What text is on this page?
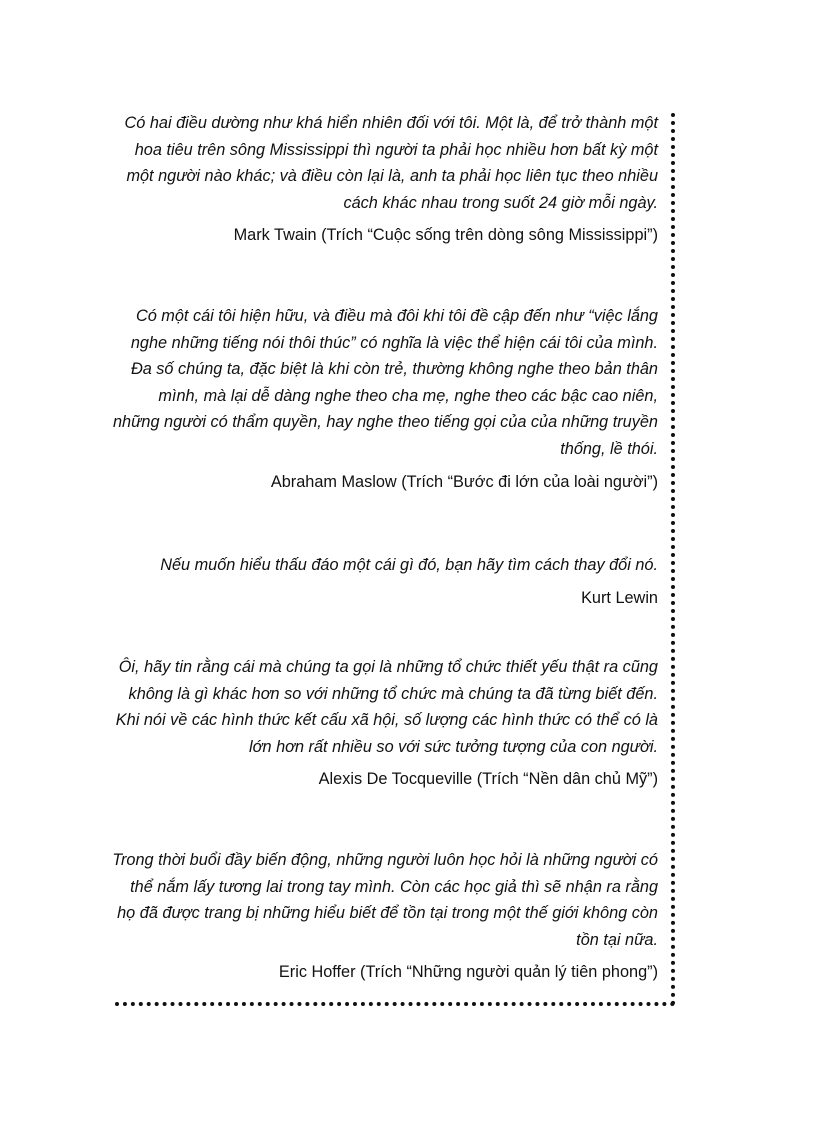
Có hai điều dường như khá hiển nhiên đối với tôi. Một là, để trở thành một
hoa tiêu trên sông Mississippi thì người ta phải học nhiều hơn bất kỳ một
một người nào khác; và điều còn lại là, anh ta phải học liên tục theo nhiều
cách khác nhau trong suốt 24 giờ mỗi ngày.

Mark Twain (Trích “Cuộc sống trên dòng sông Mississippi”)

Có một cái tôi hiện hữu, và điều mà đôi khi tôi đề cập đến như “việc lắng
nghe những tiếng nói thôi thúc” có nghĩa là việc thể hiện cái tôi của mình.
Đa số chúng ta, đặc biệt là khi còn trẻ, thường không nghe theo bản thân
mình, mà lại dễ dàng nghe theo cha mẹ, nghe theo các bậc cao niên,
những người có thẩm quyền, hay nghe theo tiếng gọi của của những truyền
thống, lề thói.

Abraham Maslow (Trích “Bước đi lớn của loài người”)

Nếu muốn hiểu thấu đáo một cái gì đó, bạn hãy tìm cách thay đổi nó.

Kurt Lewin

Ôi, hãy tin rằng cái mà chúng ta gọi là những tổ chức thiết yếu thật ra cũng
không là gì khác hơn so với những tổ chức mà chúng ta đã từng biết đến.
Khi nói về các hình thức kết cấu xã hội, số lượng các hình thức có thể có là
lớn hơn rất nhiều so với sức tưởng tượng của con người.

Alexis De Tocqueville (Trích “Nền dân chủ Mỹ”)

Trong thời buổi đầy biến động, những người luôn học hỏi là những người có
thể nắm lấy tương lai trong tay mình. Còn các học giả thì sẽ nhận ra rằng
họ đã được trang bị những hiểu biết để tồn tại trong một thế giới không còn
tồn tại nữa.

Eric Hoffer (Trích “Những người quản lý tiên phong”)
